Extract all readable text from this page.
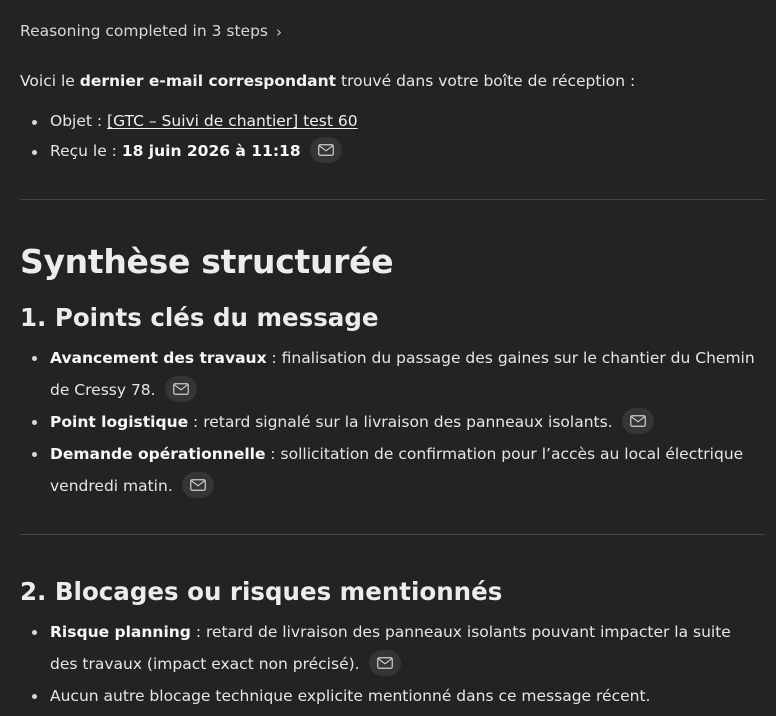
Reasoning completed in 3 steps ›
Voici le dernier e-mail correspondant trouvé dans votre boîte de réception :
Objet : [GTC – Suivi de chantier] test 60
Reçu le : 18 juin 2026 à 11:18
Synthèse structurée
1. Points clés du message
Avancement des travaux : finalisation du passage des gaines sur le chantier du Chemin de Cressy 78.
Point logistique : retard signalé sur la livraison des panneaux isolants.
Demande opérationnelle : sollicitation de confirmation pour l’accès au local électrique vendredi matin.
2. Blocages ou risques mentionnés
Risque planning : retard de livraison des panneaux isolants pouvant impacter la suite des travaux (impact exact non précisé).
Aucun autre blocage technique explicite mentionné dans ce message récent.
